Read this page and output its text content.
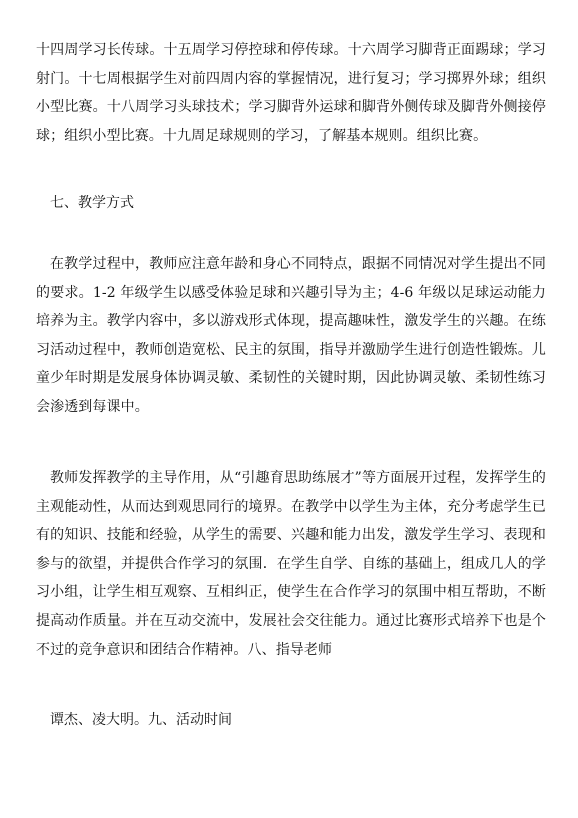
十四周学习长传球。十五周学习停控球和停传球。十六周学习脚背正面踢球；学习射门。十七周根据学生对前四周内容的掌握情况，进行复习；学习掷界外球；组织小型比赛。十八周学习头球技术；学习脚背外运球和脚背外侧传球及脚背外侧接停球；组织小型比赛。十九周足球规则的学习，了解基本规则。组织比赛。

七、教学方式

在教学过程中，教师应注意年龄和身心不同特点，跟据不同情况对学生提出不同的要求。1-2 年级学生以感受体验足球和兴趣引导为主；4-6 年级以足球运动能力培养为主。教学内容中，多以游戏形式体现，提高趣味性，激发学生的兴趣。在练习活动过程中，教师创造宽松、民主的氛围，指导并激励学生进行创造性锻炼。儿童少年时期是发展身体协调灵敏、柔韧性的关键时期，因此协调灵敏、柔韧性练习会渗透到每课中。

教师发挥教学的主导作用，从“引趣育思助练展才”等方面展开过程，发挥学生的主观能动性，从而达到观思同行的境界。在教学中以学生为主体，充分考虑学生已有的知识、技能和经验，从学生的需要、兴趣和能力出发，激发学生学习、表现和参与的欲望，并提供合作学习的氛围．在学生自学、自练的基础上，组成几人的学习小组，让学生相互观察、互相纠正，使学生在合作学习的氛围中相互帮助，不断提高动作质量。并在互动交流中，发展社会交往能力。通过比赛形式培养下也是个不过的竞争意识和团结合作精神。八、指导老师

谭杰、凌大明。九、活动时间
